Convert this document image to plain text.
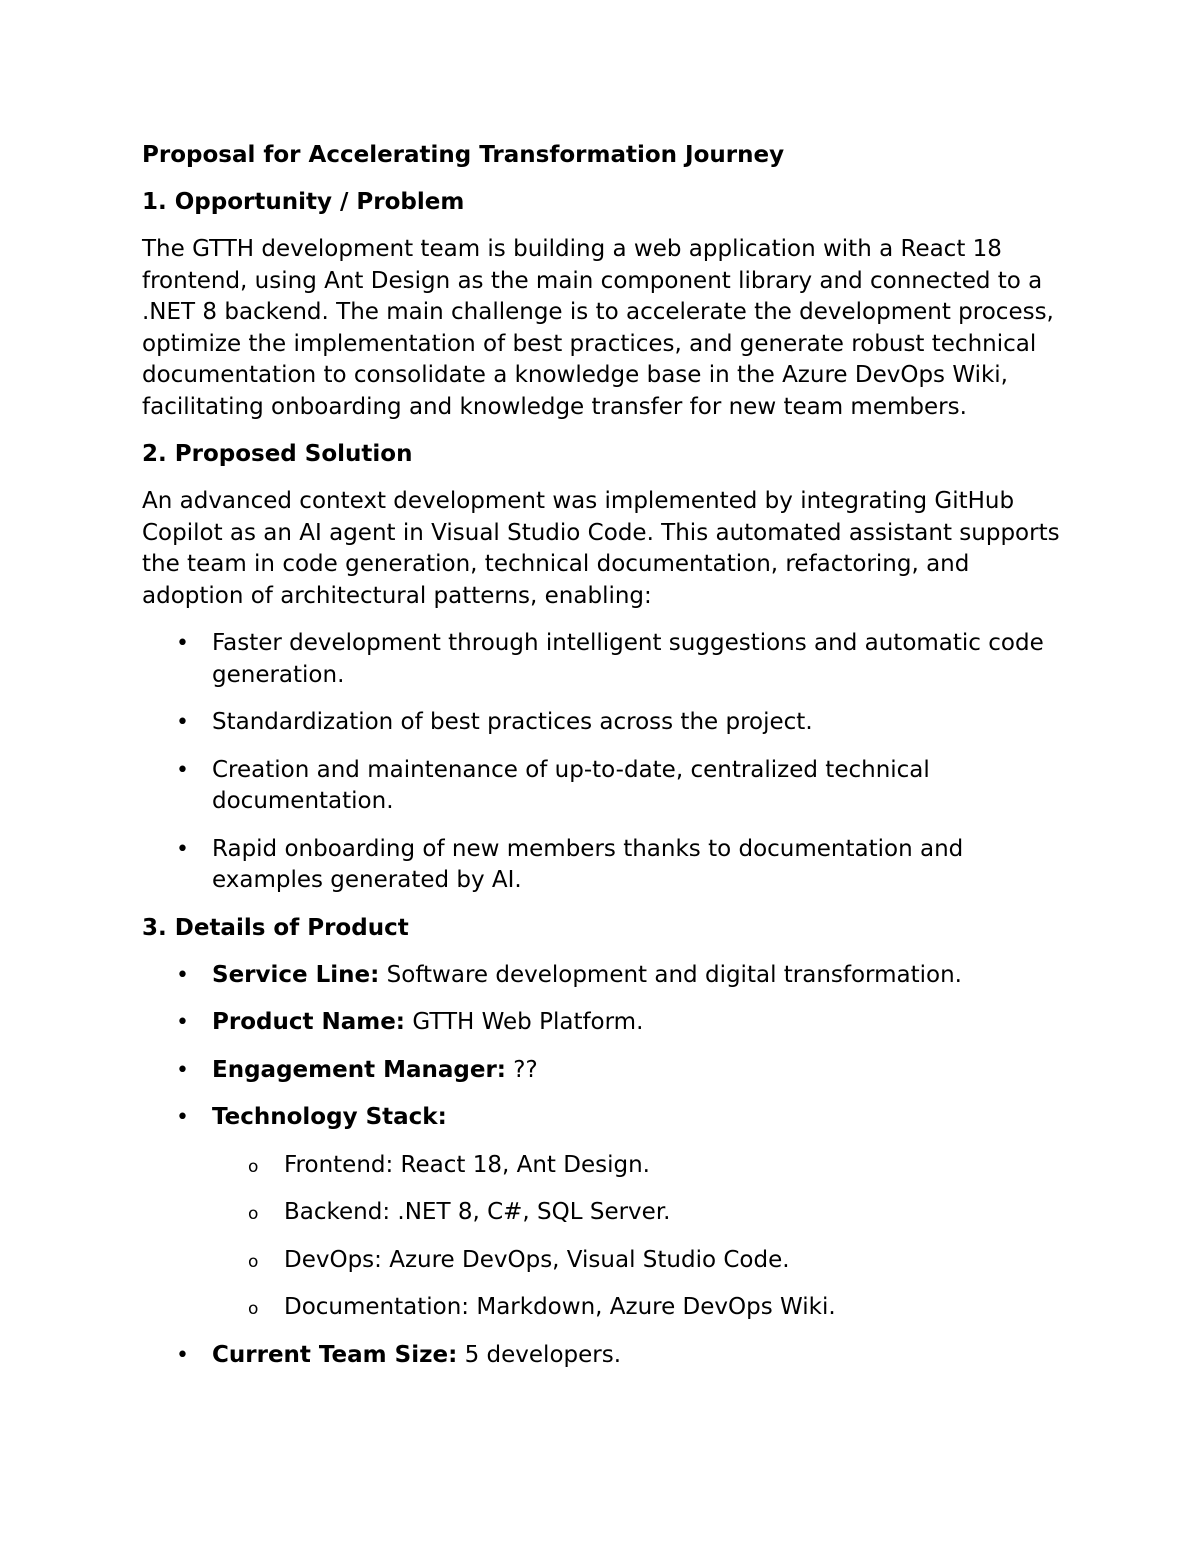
Proposal for Accelerating Transformation Journey
1. Opportunity / Problem
The GTTH development team is building a web application with a React 18 frontend, using Ant Design as the main component library and connected to a .NET 8 backend. The main challenge is to accelerate the development process, optimize the implementation of best practices, and generate robust technical documentation to consolidate a knowledge base in the Azure DevOps Wiki, facilitating onboarding and knowledge transfer for new team members.
2. Proposed Solution
An advanced context development was implemented by integrating GitHub Copilot as an AI agent in Visual Studio Code. This automated assistant supports the team in code generation, technical documentation, refactoring, and adoption of architectural patterns, enabling:
• Faster development through intelligent suggestions and automatic code generation.
• Standardization of best practices across the project.
• Creation and maintenance of up-to-date, centralized technical documentation.
• Rapid onboarding of new members thanks to documentation and examples generated by AI.
3. Details of Product
• Service Line: Software development and digital transformation.
• Product Name: GTTH Web Platform.
• Engagement Manager: ??
• Technology Stack:
o Frontend: React 18, Ant Design.
o Backend: .NET 8, C#, SQL Server.
o DevOps: Azure DevOps, Visual Studio Code.
o Documentation: Markdown, Azure DevOps Wiki.
• Current Team Size: 5 developers.
